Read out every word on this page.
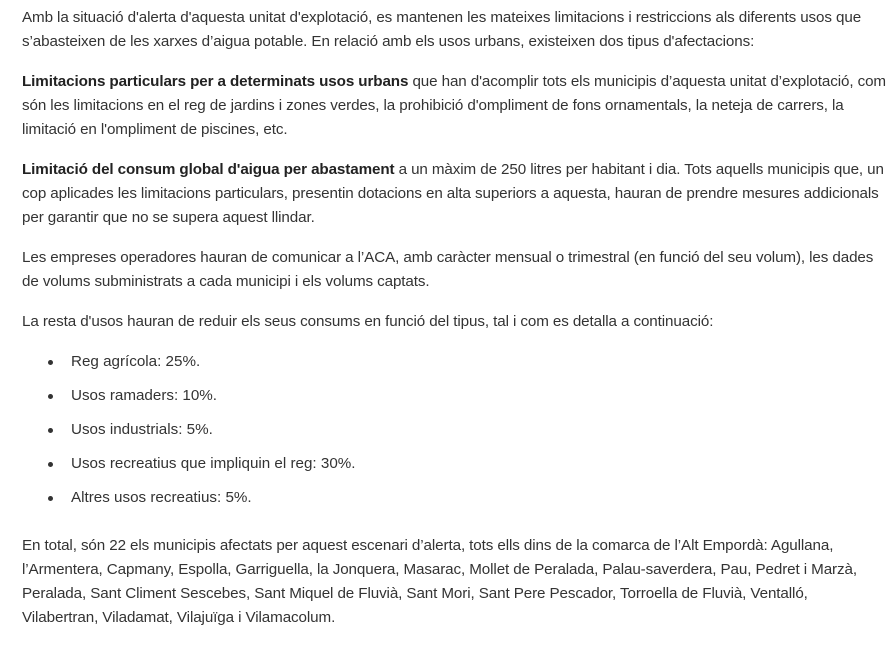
Amb la situació d'alerta d'aquesta unitat d'explotació, es mantenen les mateixes limitacions i restriccions als diferents usos que s’abasteixen de les xarxes d’aigua potable. En relació amb els usos urbans, existeixen dos tipus d'afectacions:

Limitacions particulars per a determinats usos urbans que han d'acomplir tots els municipis d’aquesta unitat d’explotació, com són les limitacions en el reg de jardins i zones verdes, la prohibició d'ompliment de fons ornamentals, la neteja de carrers, la limitació en l'ompliment de piscines, etc.

Limitació del consum global d'aigua per abastament a un màxim de 250 litres per habitant i dia. Tots aquells municipis que, un cop aplicades les limitacions particulars, presentin dotacions en alta superiors a aquesta, hauran de prendre mesures addicionals per garantir que no se supera aquest llindar.

Les empreses operadores hauran de comunicar a l’ACA, amb caràcter mensual o trimestral (en funció del seu volum), les dades de volums subministrats a cada municipi i els volums captats.

La resta d'usos hauran de reduir els seus consums en funció del tipus, tal i com es detalla a continuació:

Reg agrícola: 25%.
Usos ramaders: 10%.
Usos industrials: 5%.
Usos recreatius que impliquin el reg: 30%.
Altres usos recreatius: 5%.

En total, són 22 els municipis afectats per aquest escenari d’alerta, tots ells dins de la comarca de l’Alt Empordà: Agullana, l’Armentera, Capmany, Espolla, Garriguella, la Jonquera, Masarac, Mollet de Peralada, Palau-saverdera, Pau, Pedret i Marzà, Peralada, Sant Climent Sescebes, Sant Miquel de Fluvià, Sant Mori, Sant Pere Pescador, Torroella de Fluvià, Ventalló, Vilabertran, Viladamat, Vilajuïga i Vilamacolum.
